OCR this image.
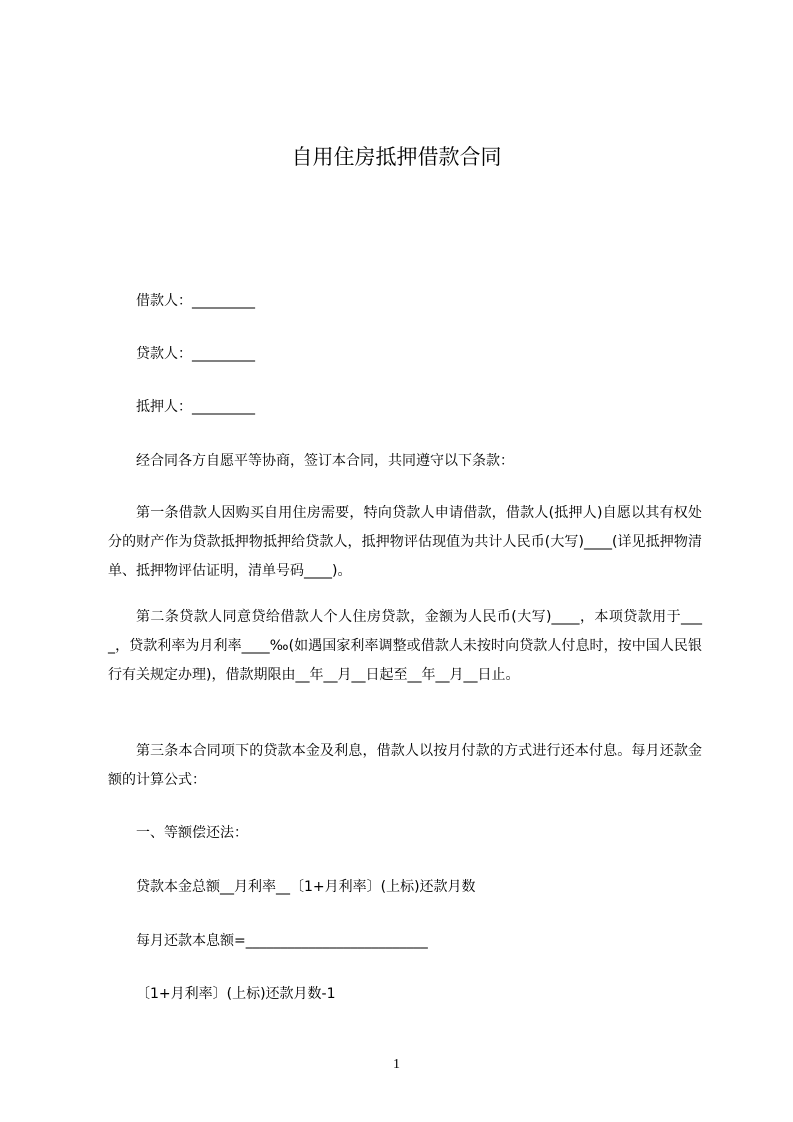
自用住房抵押借款合同

借款人：_________

贷款人：_________

抵押人：_________

经合同各方自愿平等协商，签订本合同，共同遵守以下条款：

第一条借款人因购买自用住房需要，特向贷款人申请借款，借款人(抵押人)自愿以其有权处分的财产作为贷款抵押物抵押给贷款人，抵押物评估现值为共计人民币(大写)____(详见抵押物清单、抵押物评估证明，清单号码____)。

第二条贷款人同意贷给借款人个人住房贷款，金额为人民币(大写)____，本项贷款用于____，贷款利率为月利率____‰(如遇国家利率调整或借款人未按时向贷款人付息时，按中国人民银行有关规定办理)，借款期限由__年__月__日起至__年__月__日止。

第三条本合同项下的贷款本金及利息，借款人以按月付款的方式进行还本付息。每月还款金额的计算公式：

一、等额偿还法：

贷款本金总额__月利率__〔1+月利率〕(上标)还款月数

每月还款本息额=__________________________

〔1+月利率〕(上标)还款月数-1

1
